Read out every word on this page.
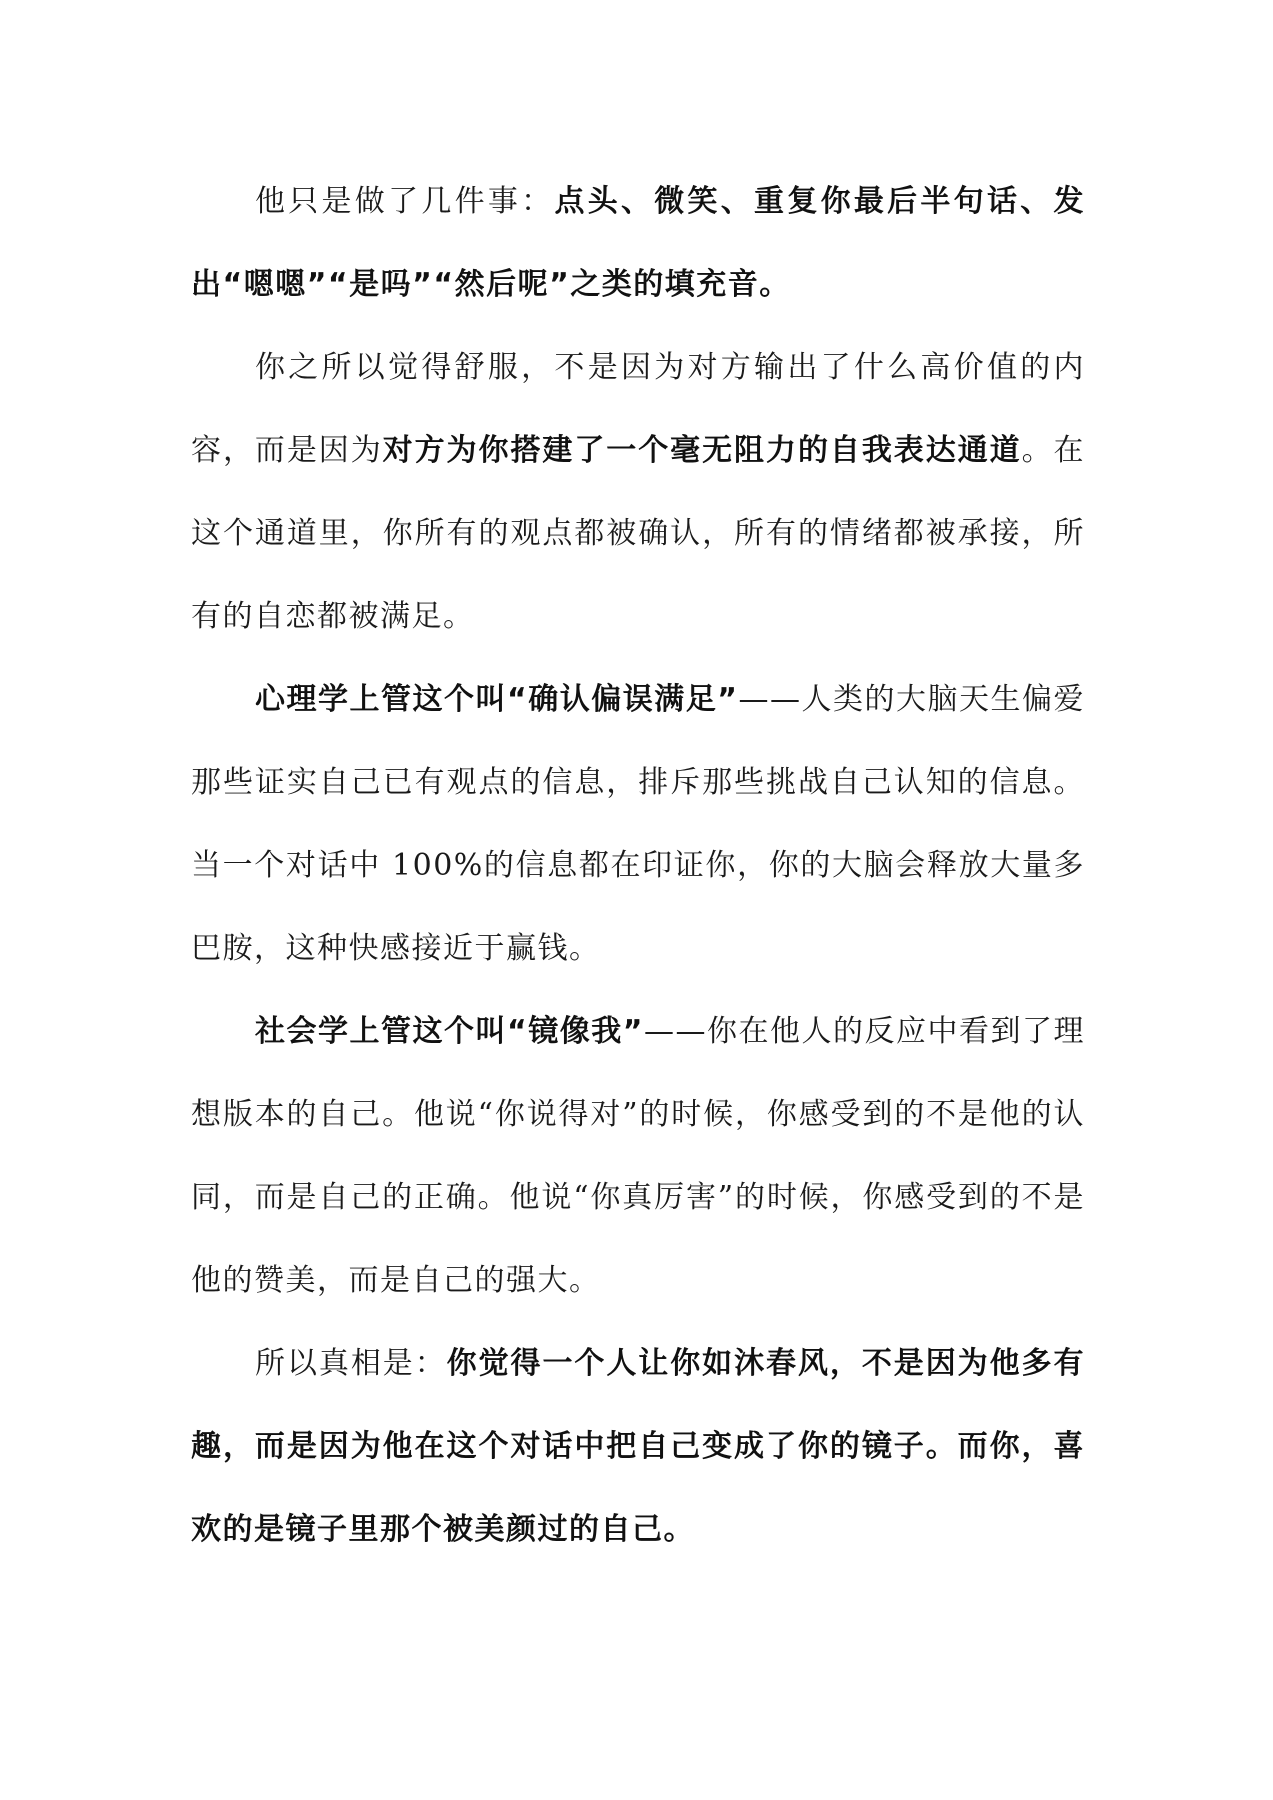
他只是做了几件事：点头、微笑、重复你最后半句话、发出“嗯嗯”“是吗”“然后呢”之类的填充音。

你之所以觉得舒服，不是因为对方输出了什么高价值的内容，而是因为对方为你搭建了一个毫无阻力的自我表达通道。在这个通道里，你所有的观点都被确认，所有的情绪都被承接，所有的自恋都被满足。

心理学上管这个叫“确认偏误满足”——人类的大脑天生偏爱那些证实自己已有观点的信息，排斥那些挑战自己认知的信息。当一个对话中 100%的信息都在印证你，你的大脑会释放大量多巴胺，这种快感接近于赢钱。

社会学上管这个叫“镜像我”——你在他人的反应中看到了理想版本的自己。他说“你说得对”的时候，你感受到的不是他的认同，而是自己的正确。他说“你真厉害”的时候，你感受到的不是他的赞美，而是自己的强大。

所以真相是：你觉得一个人让你如沐春风，不是因为他多有趣，而是因为他在这个对话中把自己变成了你的镜子。而你，喜欢的是镜子里那个被美颜过的自己。
